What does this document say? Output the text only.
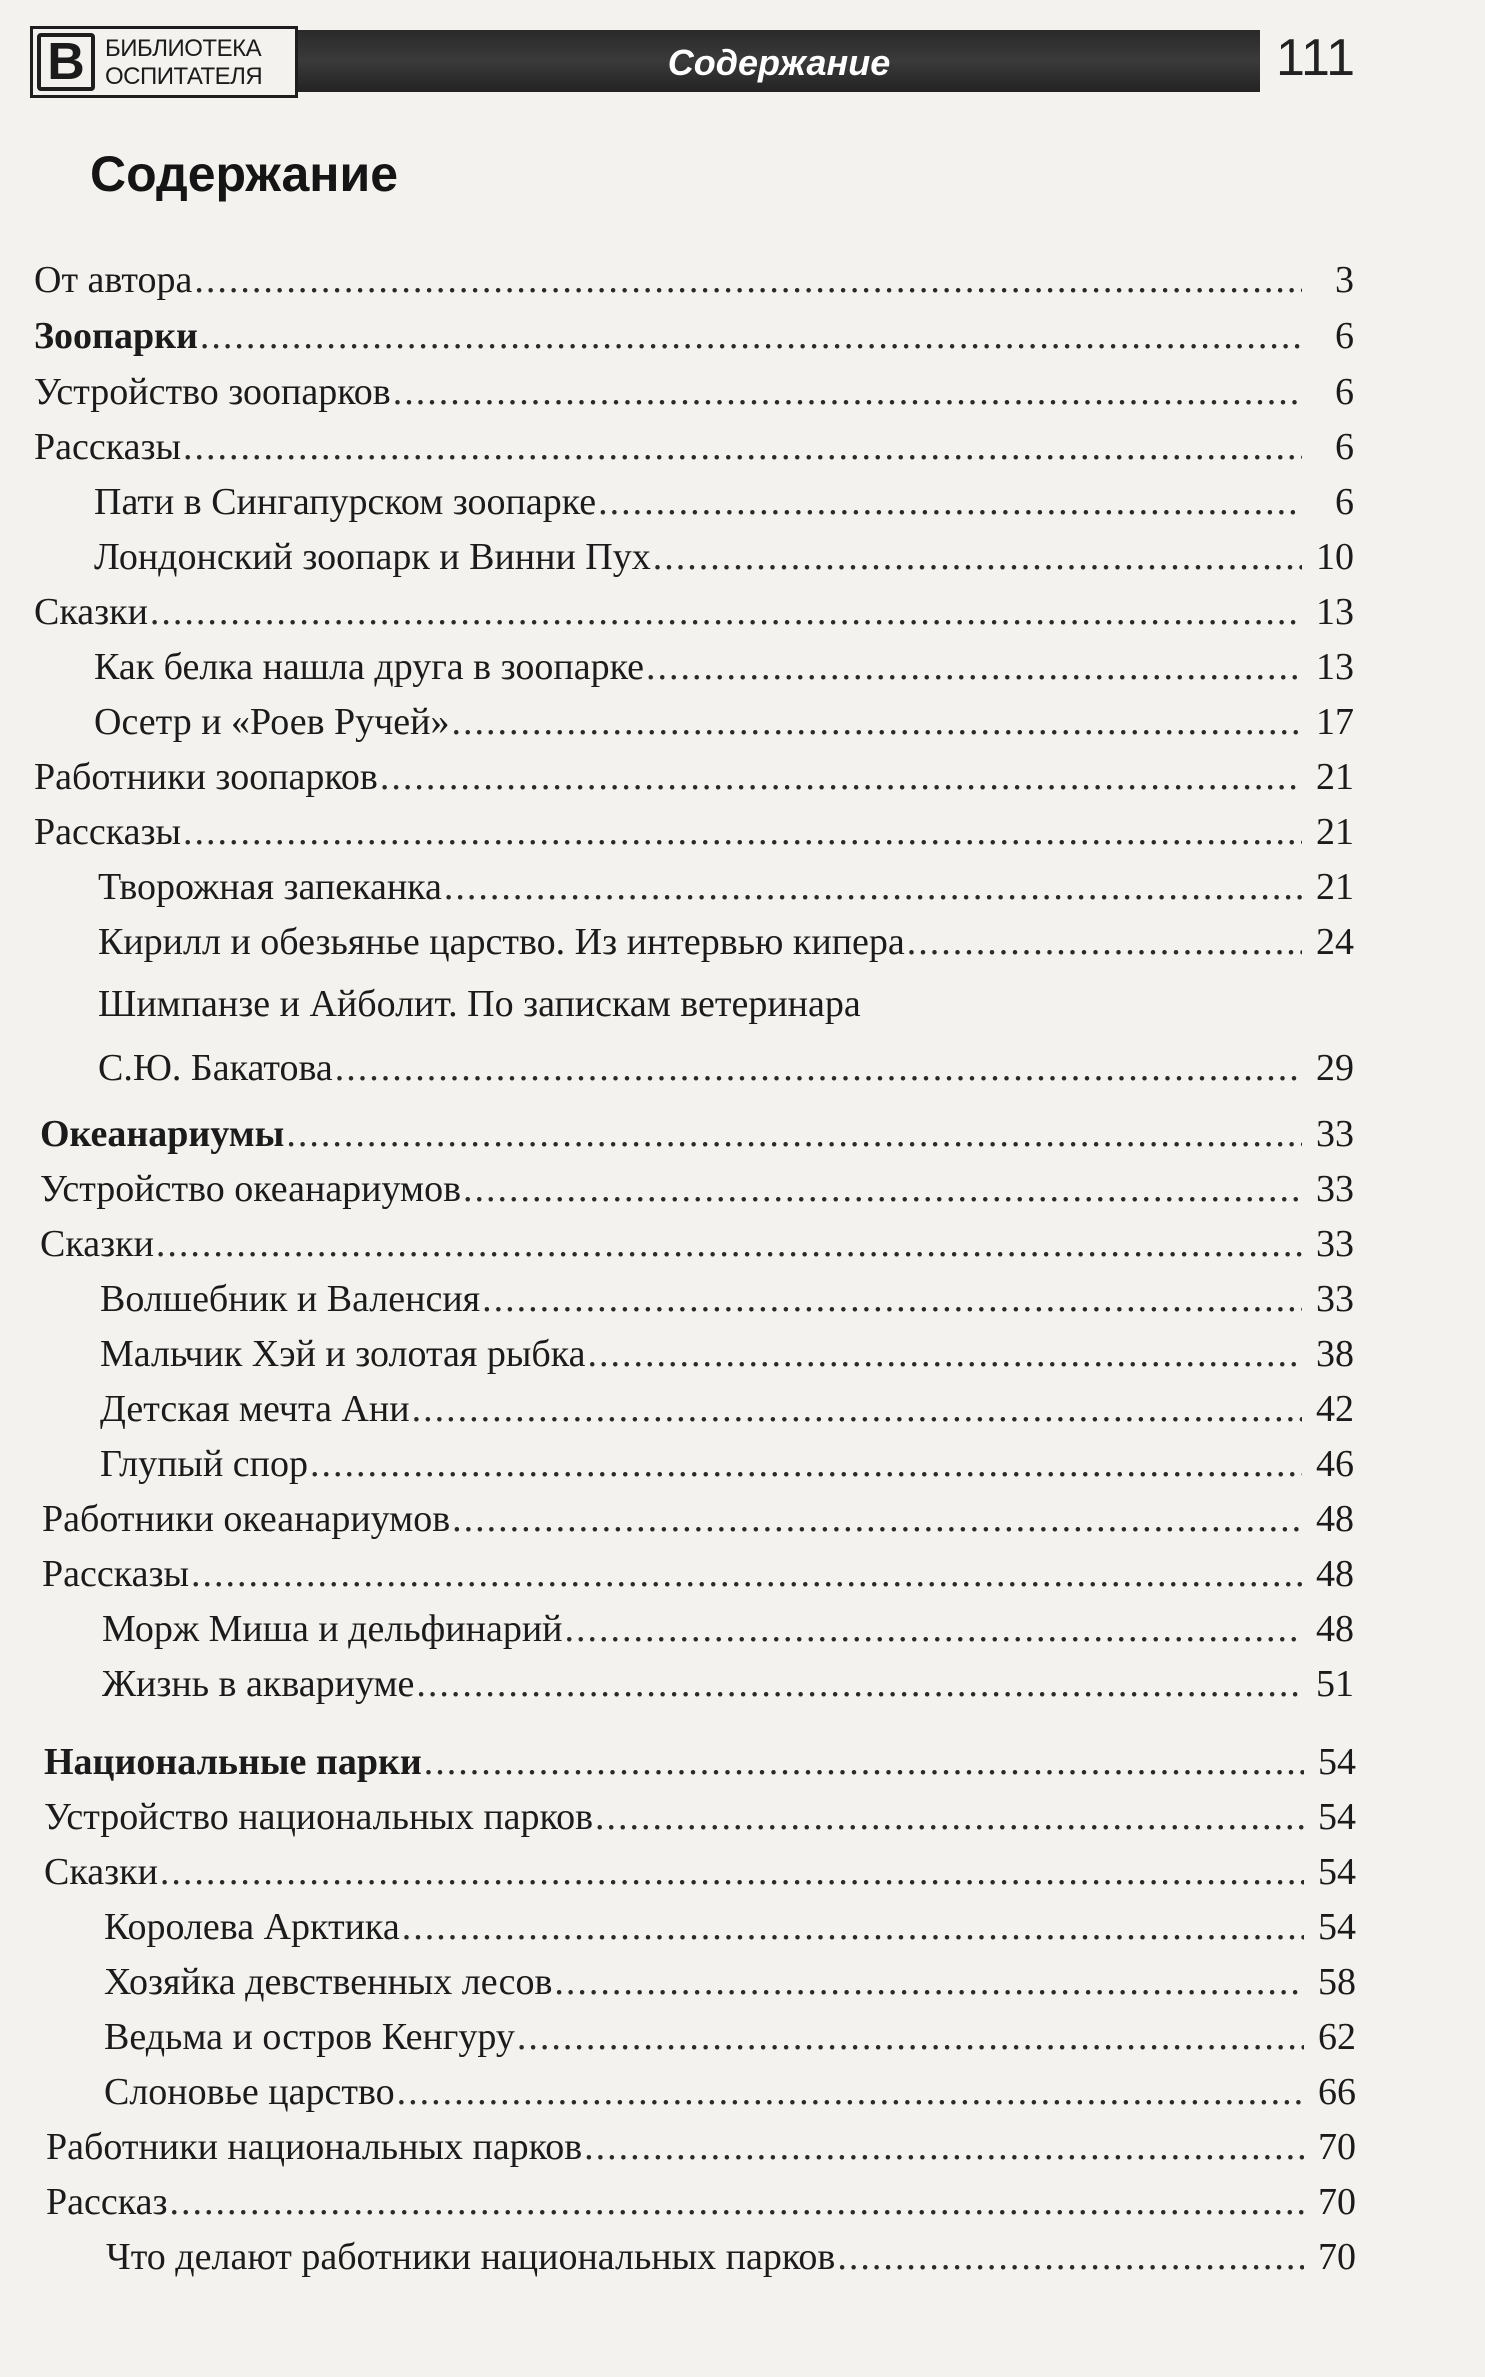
В БИБЛИОТЕКА
ОСПИТАТЕЛЯ	Содержание	111
Содержание
От автора .....	3
Зоопарки .....	6
Устройство зоопарков .....	6
Рассказы .....	6
Пати в Сингапурском зоопарке .....	6
Лондонский зоопарк и Винни Пух .....	10
Сказки .....	13
Как белка нашла друга в зоопарке .....	13
Осетр и «Роев Ручей» .....	17
Работники зоопарков .....	21
Рассказы .....	21
Творожная запеканка .....	21
Кирилл и обезьянье царство. Из интервью кипера .....	24
Шимпанзе и Айболит. По запискам ветеринара
С.Ю. Бакатова .....	29
Океанариумы .....	33
Устройство океанариумов .....	33
Сказки .....	33
Волшебник и Валенсия .....	33
Мальчик Хэй и золотая рыбка .....	38
Детская мечта Ани .....	42
Глупый спор .....	46
Работники океанариумов .....	48
Рассказы .....	48
Морж Миша и дельфинарий .....	48
Жизнь в аквариуме .....	51
Национальные парки .....	54
Устройство национальных парков .....	54
Сказки .....	54
Королева Арктика .....	54
Хозяйка девственных лесов .....	58
Ведьма и остров Кенгуру .....	62
Слоновье царство .....	66
Работники национальных парков .....	70
Рассказ .....	70
Что делают работники национальных парков .....	70
